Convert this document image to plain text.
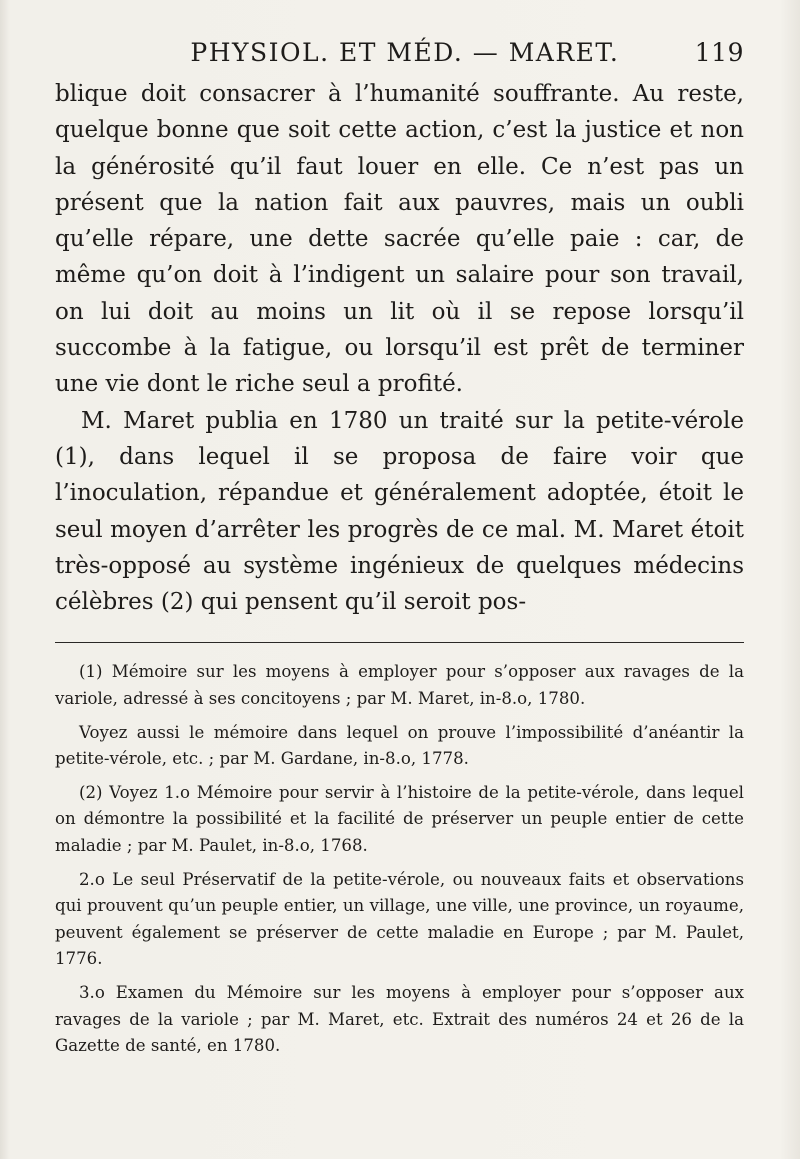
PHYSIOL. ET MÉD. — MARET.	119

blique doit consacrer à l’humanité souffrante. Au reste, quelque bonne que soit cette action, c’est la justice et non la générosité qu’il faut louer en elle. Ce n’est pas un présent que la nation fait aux pauvres, mais un oubli qu’elle répare, une dette sacrée qu’elle paie : car, de même qu’on doit à l’indigent un salaire pour son travail, on lui doit au moins un lit où il se repose lorsqu’il succombe à la fatigue, ou lorsqu’il est prêt de terminer une vie dont le riche seul a profité.

M. Maret publia en 1780 un traité sur la petite-vérole (1), dans lequel il se proposa de faire voir que l’inoculation, répandue et généralement adoptée, étoit le seul moyen d’arrêter les progrès de ce mal. M. Maret étoit très-opposé au système ingénieux de quelques médecins célèbres (2) qui pensent qu’il seroit pos-

(1) Mémoire sur les moyens à employer pour s’opposer aux ravages de la variole, adressé à ses concitoyens ; par M. Maret, in-8.o, 1780.

Voyez aussi le mémoire dans lequel on prouve l’impossibilité d’anéantir la petite-vérole, etc. ; par M. Gardane, in-8.o, 1778.

(2) Voyez 1.o Mémoire pour servir à l’histoire de la petite-vérole, dans lequel on démontre la possibilité et la facilité de préserver un peuple entier de cette maladie ; par M. Paulet, in-8.o, 1768.

2.o Le seul Préservatif de la petite-vérole, ou nouveaux faits et observations qui prouvent qu’un peuple entier, un village, une ville, une province, un royaume, peuvent également se préserver de cette maladie en Europe ; par M. Paulet, 1776.

3.o Examen du Mémoire sur les moyens à employer pour s’opposer aux ravages de la variole ; par M. Maret, etc. Extrait des numéros 24 et 26 de la Gazette de santé, en 1780.
